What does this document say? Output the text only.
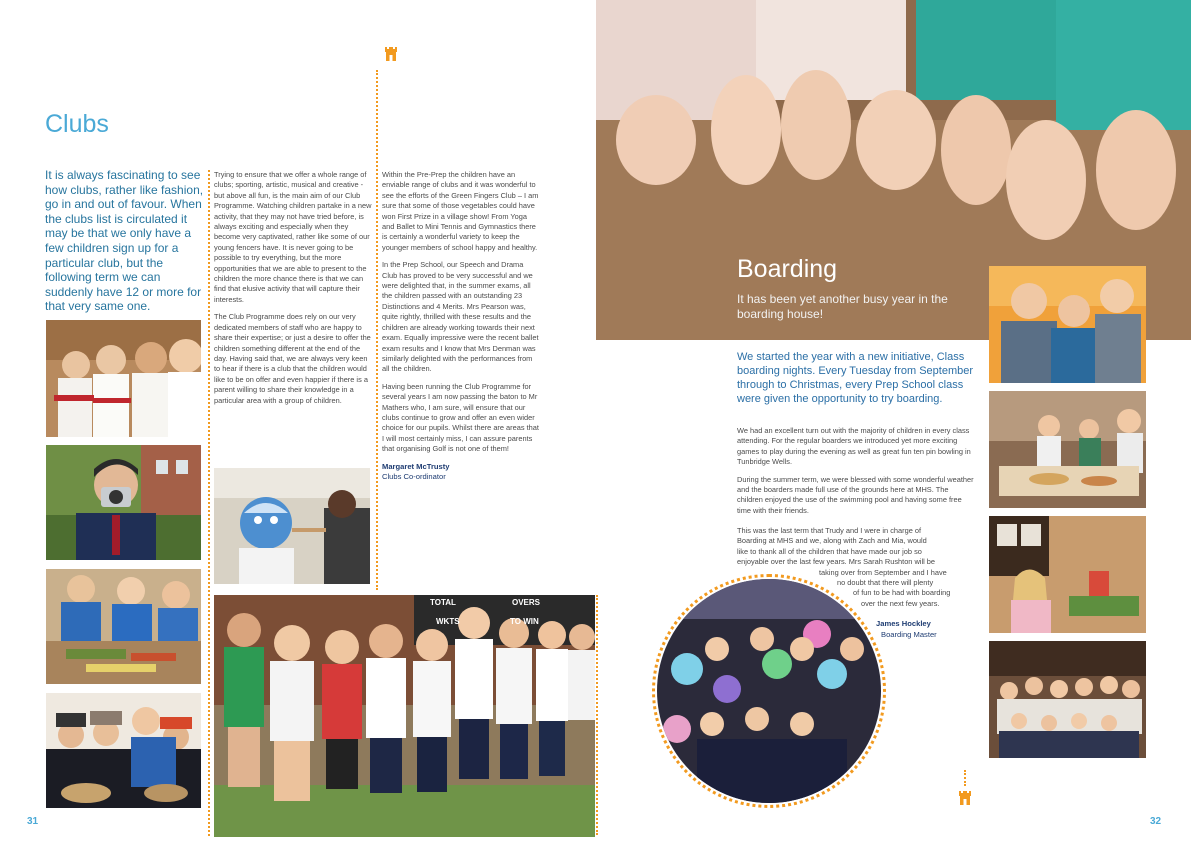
Clubs
It is always fascinating to see how clubs, rather like fashion, go in and out of favour. When the clubs list is circulated it may be that we only have a few children sign up for a particular club, but the following term we can suddenly have 12 or more for that very same one.

Trying to ensure that we offer a whole range of clubs; sporting, artistic, musical and creative - but above all fun, is the main aim of our Club Programme. Watching children partake in a new activity, that they may not have tried before, is always exciting and especially when they become very captivated, rather like some of our young fencers have. It is never going to be possible to try everything, but the more opportunities that we are able to present to the children the more chance there is that we can find that elusive activity that will capture their interests.

The Club Programme does rely on our very dedicated members of staff who are happy to share their expertise; or just a desire to offer the children something different at the end of the day. Having said that, we are always very keen to hear if there is a club that the children would like to be on offer and even happier if there is a parent willing to share their knowledge in a particular area with a group of children.

Within the Pre-Prep the children have an enviable range of clubs and it was wonderful to see the efforts of the Green Fingers Club – I am sure that some of those vegetables could have won First Prize in a village show! From Yoga and Ballet to Mini Tennis and Gymnastics there is certainly a wonderful variety to keep the younger members of school happy and healthy.

In the Prep School, our Speech and Drama Club has proved to be very successful and we were delighted that, in the summer exams, all the children passed with an outstanding 23 Distinctions and 4 Merits. Mrs Pearson was, quite rightly, thrilled with these results and the children are already working towards their next exam. Equally impressive were the recent ballet exam results and I know that Mrs Denman was similarly delighted with the performances from all the children.

Having been running the Club Programme for several years I am now passing the baton to Mr Mathers who, I am sure, will ensure that our clubs continue to grow and offer an even wider choice for our pupils. Whilst there are areas that I will most certainly miss, I can assure parents that organising Golf is not one of them!

Margaret McTrusty
Clubs Co-ordinator
TOTAL	OVERS
WKTS	TO WIN
31
Boarding
It has been yet another busy year in the boarding house!
We started the year with a new initiative, Class boarding nights. Every Tuesday from September through to Christmas, every Prep School class were given the opportunity to try boarding.

We had an excellent turn out with the majority of children in every class attending. For the regular boarders we introduced yet more exciting games to play during the evening as well as great fun ten pin bowling in Tunbridge Wells.

During the summer term, we were blessed with some wonderful weather and the boarders made full use of the grounds here at MHS. The children enjoyed the use of the swimming pool and having some free time with their friends.

This was the last term that Trudy and I were in charge of
Boarding at MHS and we, along with Zach and Mia, would
like to thank all of the children that have made our job so
enjoyable over the last few years. Mrs Sarah Rushton will be
taking over from September and I have
no doubt that there will plenty
of fun to be had with boarding
over the next few years.
James Hockley
Boarding Master
32
